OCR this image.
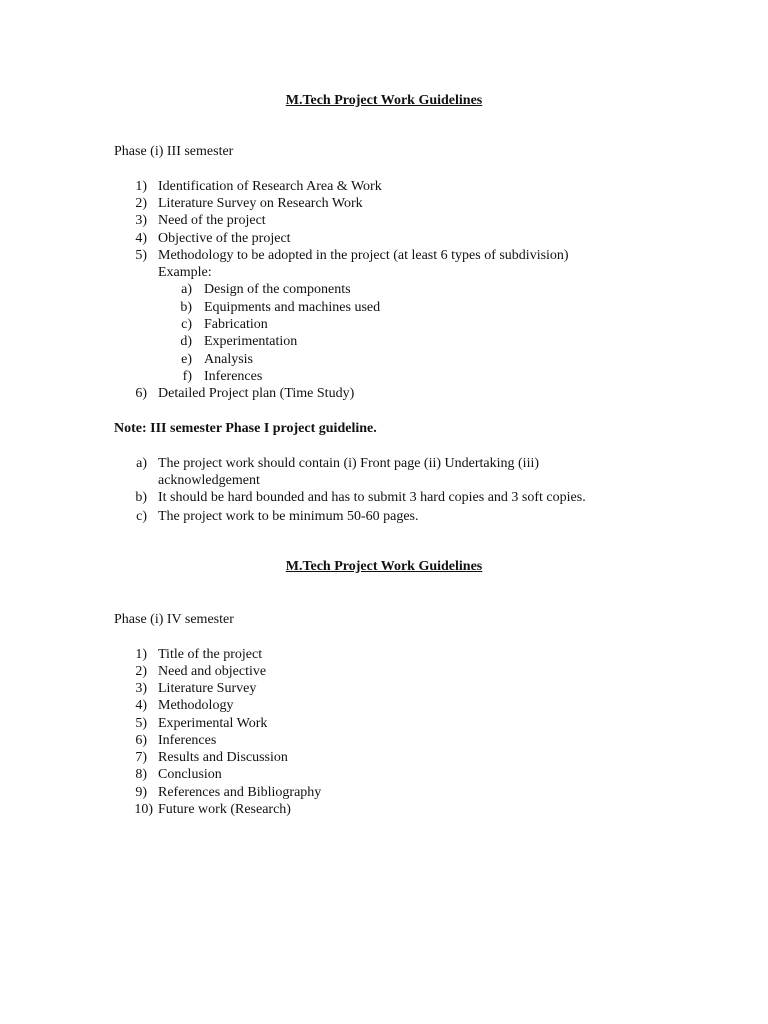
M.Tech Project Work Guidelines
Phase (i) III semester
1) Identification of Research Area & Work
2) Literature Survey on Research Work
3) Need of the project
4) Objective of the project
5) Methodology to be adopted in the project (at least 6 types of subdivision)
Example:
a) Design of the components
b) Equipments and machines used
c) Fabrication
d) Experimentation
e) Analysis
f) Inferences
6) Detailed Project plan (Time Study)
Note: III semester Phase I project guideline.
a) The project work should contain (i) Front page (ii) Undertaking (iii)
acknowledgement
b) It should be hard bounded and has to submit 3 hard copies and 3 soft copies.
c) The project work to be minimum 50-60 pages.
M.Tech Project Work Guidelines
Phase (i) IV semester
1) Title of the project
2) Need and objective
3) Literature Survey
4) Methodology
5) Experimental Work
6) Inferences
7) Results and Discussion
8) Conclusion
9) References and Bibliography
10) Future work (Research)
